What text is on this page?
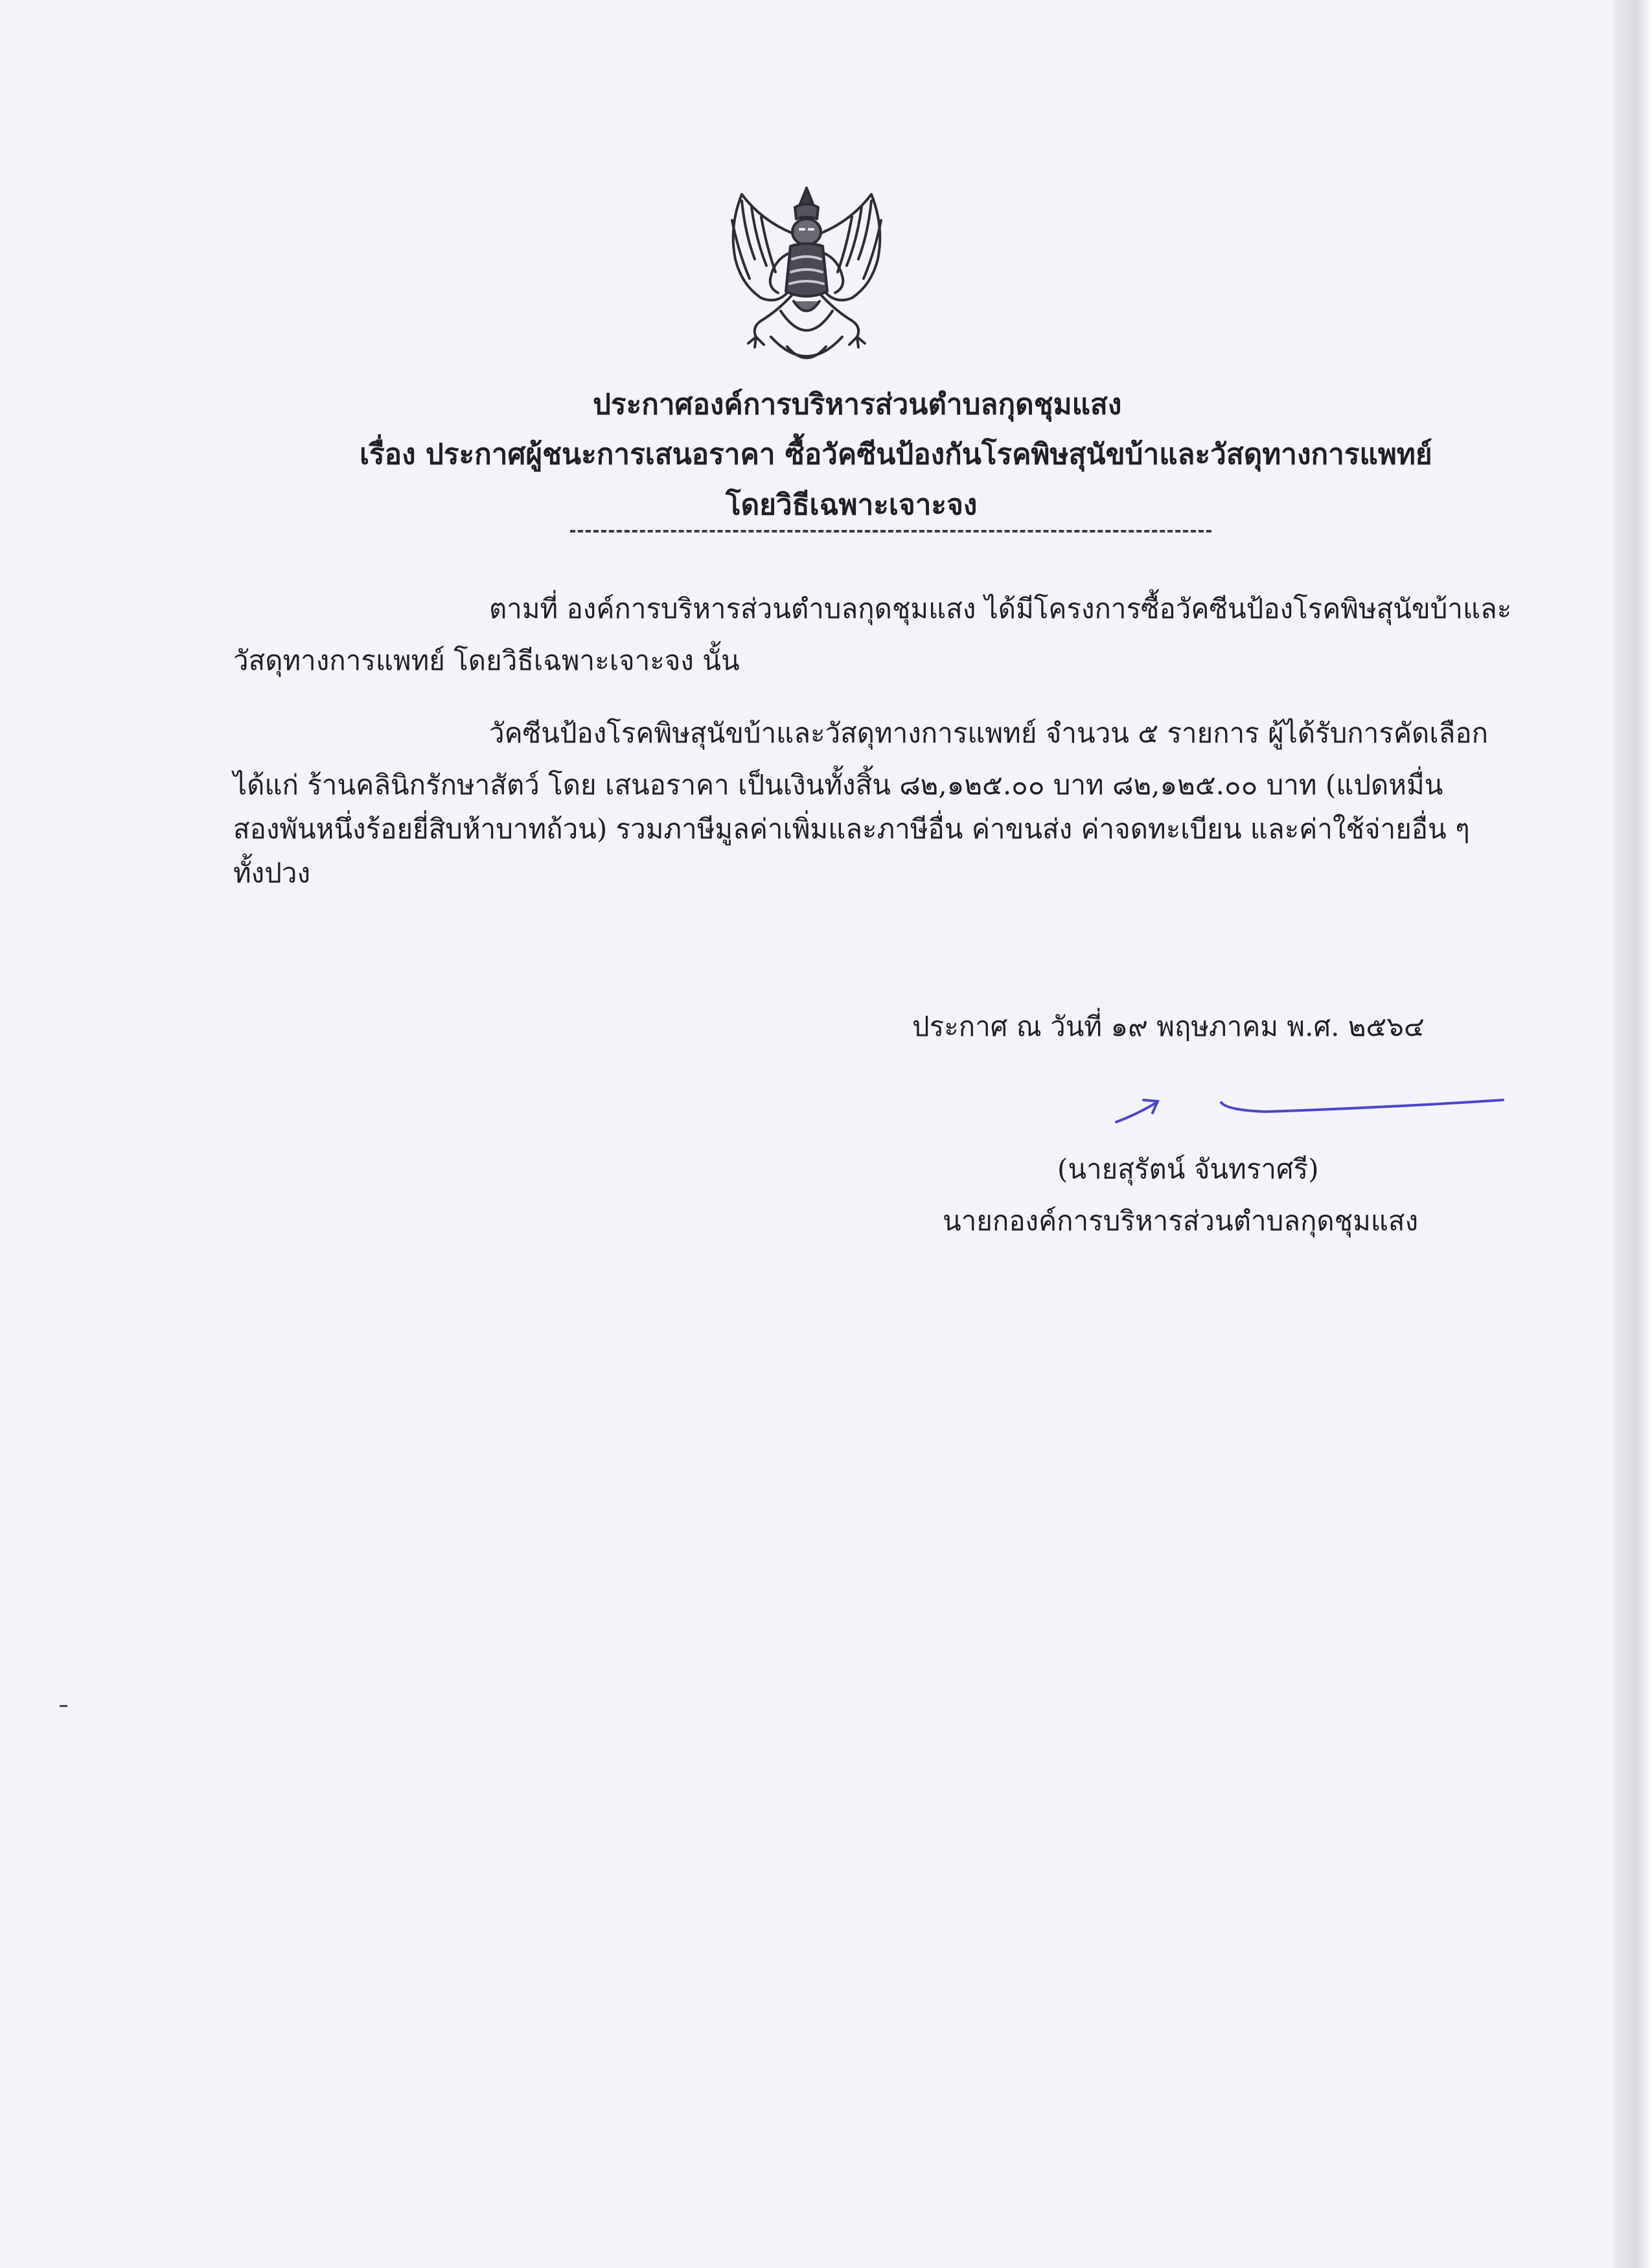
ประกาศองค์การบริหารส่วนตำบลกุดชุมแสง
เรื่อง ประกาศผู้ชนะการเสนอราคา ซื้อวัคซีนป้องกันโรคพิษสุนัขบ้าและวัสดุทางการแพทย์
โดยวิธีเฉพาะเจาะจง

ตามที่ องค์การบริหารส่วนตำบลกุดชุมแสง ได้มีโครงการซื้อวัคซีนป้องโรคพิษสุนัขบ้าและ

วัสดุทางการแพทย์ โดยวิธีเฉพาะเจาะจง นั้น

วัคซีนป้องโรคพิษสุนัขบ้าและวัสดุทางการแพทย์ จำนวน ๕ รายการ ผู้ได้รับการคัดเลือก

ได้แก่ ร้านคลินิกรักษาสัตว์ โดย เสนอราคา เป็นเงินทั้งสิ้น ๘๒,๑๒๕.๐๐ บาท ๘๒,๑๒๕.๐๐ บาท (แปดหมื่น

สองพันหนึ่งร้อยยี่สิบห้าบาทถ้วน) รวมภาษีมูลค่าเพิ่มและภาษีอื่น ค่าขนส่ง ค่าจดทะเบียน และค่าใช้จ่ายอื่น ๆ

ทั้งปวง

ประกาศ ณ วันที่ ๑๙ พฤษภาคม พ.ศ. ๒๕๖๔

(นายสุรัตน์ จันทราศรี)

นายกองค์การบริหารส่วนตำบลกุดชุมแสง
